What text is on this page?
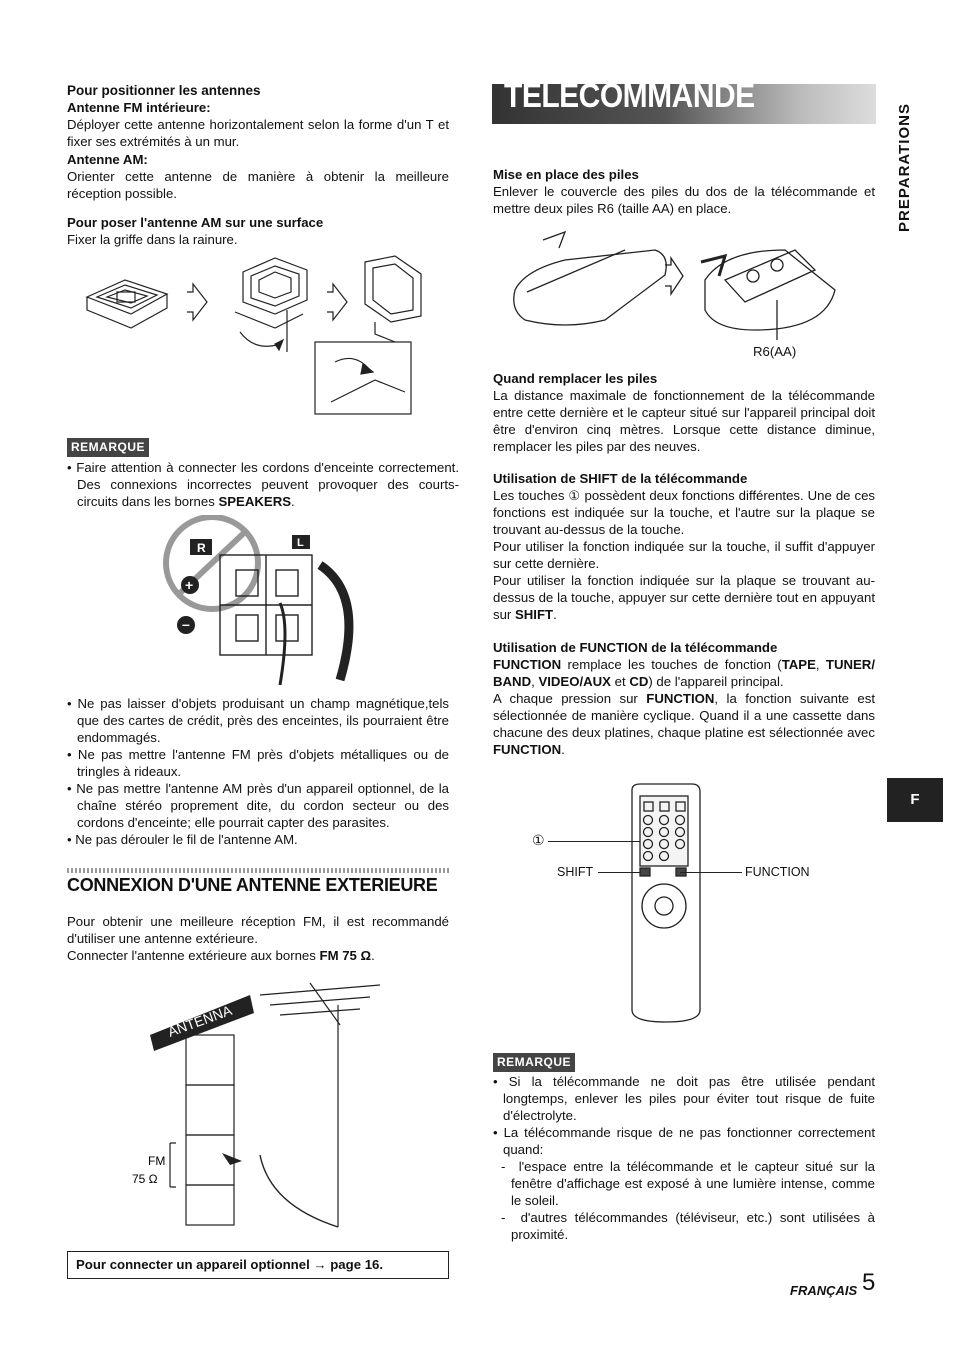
Pour positionner les antennes
Antenne FM intérieure:
Déployer cette antenne horizontalement selon la forme d'un T et fixer ses extrémités à un mur.
Antenne AM:
Orienter cette antenne de manière à obtenir la meilleure réception possible.
Pour poser l'antenne AM sur une surface
Fixer la griffe dans la rainure.
REMARQUE
• Faire attention à connecter les cordons d'enceinte correctement. Des connexions incorrectes peuvent provoquer des courts-circuits dans les bornes SPEAKERS.
R	L
+
–
• Ne pas laisser d'objets produisant un champ magnétique,tels que des cartes de crédit, près des enceintes, ils pourraient être endommagés.
• Ne pas mettre l'antenne FM près d'objets métalliques ou de tringles à rideaux.
• Ne pas mettre l'antenne AM près d'un appareil optionnel, de la chaîne stéréo proprement dite, du cordon secteur ou des cordons d'enceinte; elle pourrait capter des parasites.
• Ne pas dérouler le fil de l'antenne AM.
CONNEXION D'UNE ANTENNE EXTERIEURE
Pour obtenir une meilleure réception FM, il est recommandé d'utiliser une antenne extérieure.
Connecter l'antenne extérieure aux bornes FM 75 Ω.
ANTENNA
FM
75 Ω
Pour connecter un appareil optionnel → page 16.
TELECOMMANDE
PREPARATIONS
Mise en place des piles
Enlever le couvercle des piles du dos de la télécommande et mettre deux piles R6 (taille AA) en place.
R6(AA)
Quand remplacer les piles
La distance maximale de fonctionnement de la télécommande entre cette dernière et le capteur situé sur l'appareil principal doit être d'environ cinq mètres. Lorsque cette distance diminue, remplacer les piles par des neuves.
Utilisation de SHIFT de la télécommande
Les touches ① possèdent deux fonctions différentes. Une de ces fonctions est indiquée sur la touche, et l'autre sur la plaque se trouvant au-dessus de la touche.
Pour utiliser la fonction indiquée sur la touche, il suffit d'appuyer sur cette dernière.
Pour utiliser la fonction indiquée sur la plaque se trouvant au-dessus de la touche, appuyer sur cette dernière tout en appuyant sur SHIFT.
Utilisation de FUNCTION de la télécommande
FUNCTION remplace les touches de fonction (TAPE, TUNER/ BAND, VIDEO/AUX et CD) de l'appareil principal.
A chaque pression sur FUNCTION, la fonction suivante est sélectionnée de manière cyclique. Quand il a une cassette dans chacune des deux platines, chaque platine est sélectionnée avec FUNCTION.
①
SHIFT	FUNCTION
REMARQUE
• Si la télécommande ne doit pas être utilisée pendant longtemps, enlever les piles pour éviter tout risque de fuite d'électrolyte.
• La télécommande risque de ne pas fonctionner correctement quand:
-  l'espace entre la télécommande et le capteur situé sur la fenêtre d'affichage est exposé à une lumière intense, comme le soleil.
-  d'autres télécommandes (téléviseur, etc.) sont utilisées à proximité.
F
FRANÇAIS 5
